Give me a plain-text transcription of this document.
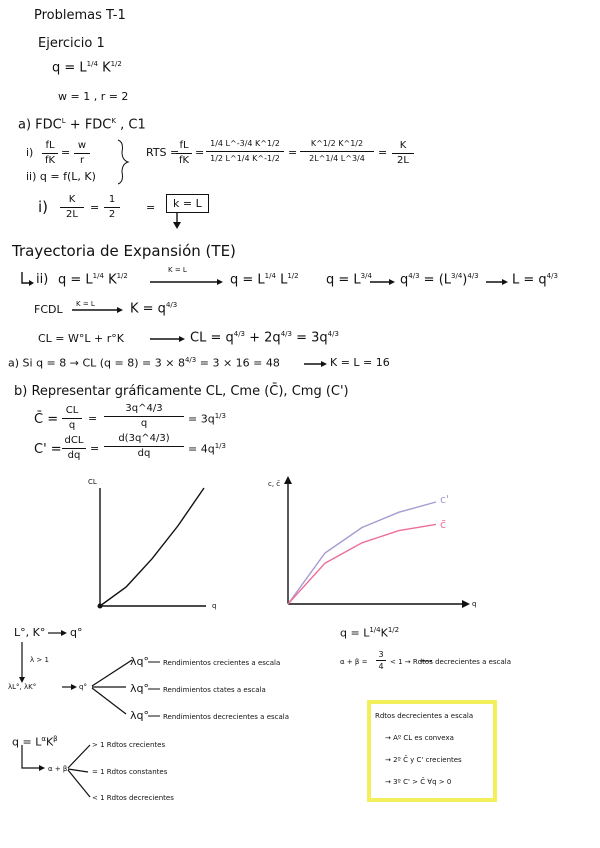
Problemas T-1
Ejercicio 1
$q = L^{1/4}$ $K^{1/2}$
w = 1 , r = 2
a) $FDC^L + FDC^K$ , C1
i)
fL
fK
=
w
r
ii) q = f(L, K)
RTS =
fL
fK
=
1/4 L^-3/4 K^1/2
1/2 L^1/4 K^-1/2 =
K^1/2 K^1/2
2L^1/4 L^3/4	=
K
2L
i)	K
2L
=
1
2
=	k = L
Trayectoria de Expansión (TE)
ii) $q = L^{1/4}$ $K^{1/2}$
K = L
$q = L^{1/4}$ $L^{1/2}$ $q = L^{3/4}$ $q^{4/3} = (L^{3/4})^{4/3}$	$L = q^{4/3}$
FCDL K = L	$K = q^{4/3}$
CL = W°L + r°K	CL = $q^{4/3} + 2q^{4/3} = 3q^{4/3}$
a) Si q = 8 → CL $(q = 8) = 3 \times 8^{4/3} = 3 \times 16 = 48$	K = L = 16
b) Representar gráficamente CL, Cme (C̄), Cmg (C')
C̄ =
CL
q
=
3q^4/3
q	= $3q^{1/3}$
C' =
dCL
dq
=
d(3q^4/3)
dq	= $4q^{1/3}$
CL
q
c, c̄
q
c'
c̄
L°, K° q°
λ > 1
λL°, λK°	q°
λq° Rendimientos crecientes a escala
λq° Rendimientos ctates a escala
λq° Rendimientos decrecientes a escala
$q = L^\alpha K^\beta$
α + β
> 1 Rdtos crecientes
= 1 Rdtos constantes
< 1 Rdtos decrecientes
$q = L^{1/4}K^{1/2}$
α + β =
3
4 < 1 → Rdtos decrecientes a escala
Rdtos decrecientes a escala
→ Aº CL es convexa
→ 2º C̄ y C' crecientes
→ 3º C' > C̄ ∀q > 0
